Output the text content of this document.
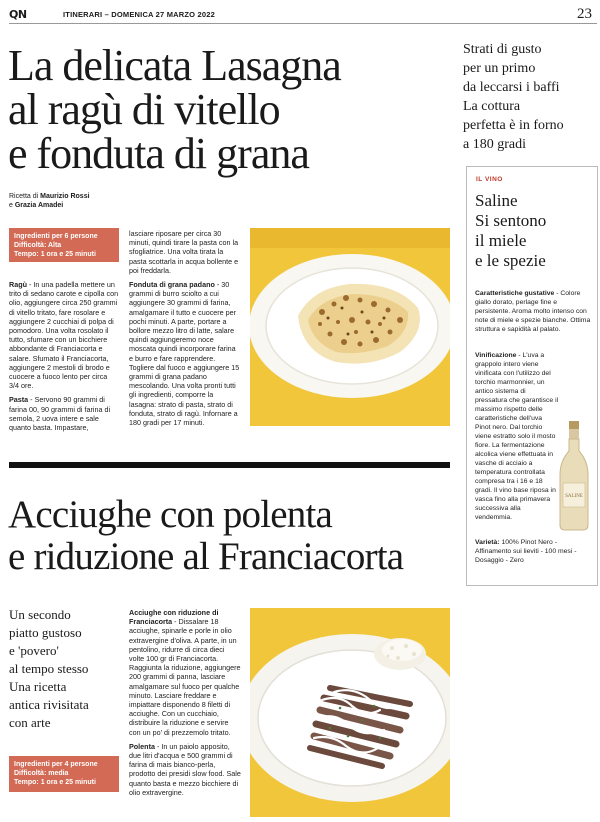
QN	ITINERARI – DOMENICA 27 MARZO 2022	23
La delicata Lasagna
al ragù di vitello
e fonduta di grana
Strati di gusto
per un primo
da leccarsi i baffi
La cottura
perfetta è in forno
a 180 gradi
Ricetta di Maurizio Rossi
e Grazia Amadei
Ingredienti per 6 persone
Difficoltà: Alta
Tempo: 1 ora e 25 minuti

Ragù - In una padella mettere un trito di sedano carote e cipolla con olio, aggiungere circa 250 grammi di vitello tritato, fare rosolare e aggiungere 2 cucchiai di polpa di pomodoro. Una volta rosolato il tutto, sfumare con un bicchiere abbondante di Franciacorta e salare. Sfumato il Franciacorta, aggiungere 2 mestoli di brodo e cuocere a fuoco lento per circa 3/4 ore.

Pasta - Servono 90 grammi di farina 00, 90 grammi di farina di semola, 2 uova intere e sale quanto basta. Impastare,

lasciare riposare per circa 30 minuti, quindi tirare la pasta con la sfogliatrice. Una volta tirata la pasta scottarla in acqua bollente e poi freddarla.

Fonduta di grana padano - 30 grammi di burro sciolto a cui aggiungere 30 grammi di farina, amalgamare il tutto e cuocere per pochi minuti. A parte, portare a bollore mezzo litro di latte, salare quindi aggiungeremo noce moscata quindi incorporare farina e burro e fare rapprendere. Togliere dal fuoco e aggiungere 15 grammi di grana padano mescolando. Una volta pronti tutti gli ingredienti, comporre la lasagna: strato di pasta, strato di fonduta, strato di ragù. Infornare a 180 gradi per 17 minuti.

Acciughe con polenta
e riduzione al Franciacorta
Un secondo
piatto gustoso
e 'povero'
al tempo stesso
Una ricetta
antica rivisitata
con arte

Acciughe con riduzione di Franciacorta - Dissalare 18 acciughe, spinarle e porle in olio extravergine d'oliva. A parte, in un pentolino, ridurre di circa dieci volte 100 gr di Franciacorta. Raggiunta la riduzione, aggiungere 200 grammi di panna, lasciare amalgamare sul fuoco per qualche minuto. Lasciare freddare e impiattare disponendo 8 filetti di acciughe. Con un cucchiaio, distribuire la riduzione e servire con un po' di prezzemolo tritato.

Polenta - In un paiolo apposito, due litri d'acqua e 500 grammi di farina di mais bianco-perla, prodotto dei presidi slow food. Sale quanto basta e mezzo bicchiere di olio extravergine.

Ingredienti per 4 persone
Difficoltà: media
Tempo: 1 ora e 25 minuti
IL VINO
Saline
Si sentono
il miele
e le spezie
Caratteristiche gustative - Colore giallo dorato, perlage fine e persistente. Aroma molto intenso con note di miele e spezie bianche. Ottima struttura e sapidità al palato.
Vinificazione - L'uva a grappolo intero viene vinificata con l'utilizzo del torchio marmonnier, un antico sistema di pressatura che garantisce il massimo rispetto delle caratteristiche dell'uva Pinot nero. Dal torchio viene estratto solo il mosto fiore. La fermentazione alcolica viene effettuata in vasche di acciaio a temperatura controllata compresa tra i 16 e 18 gradi. Il vino base riposa in vasca fino alla primavera successiva alla vendemmia.
Varietà: 100% Pinot Nero - Affinamento sui lieviti - 100 mesi - Dosaggio - Zero
SALINE
